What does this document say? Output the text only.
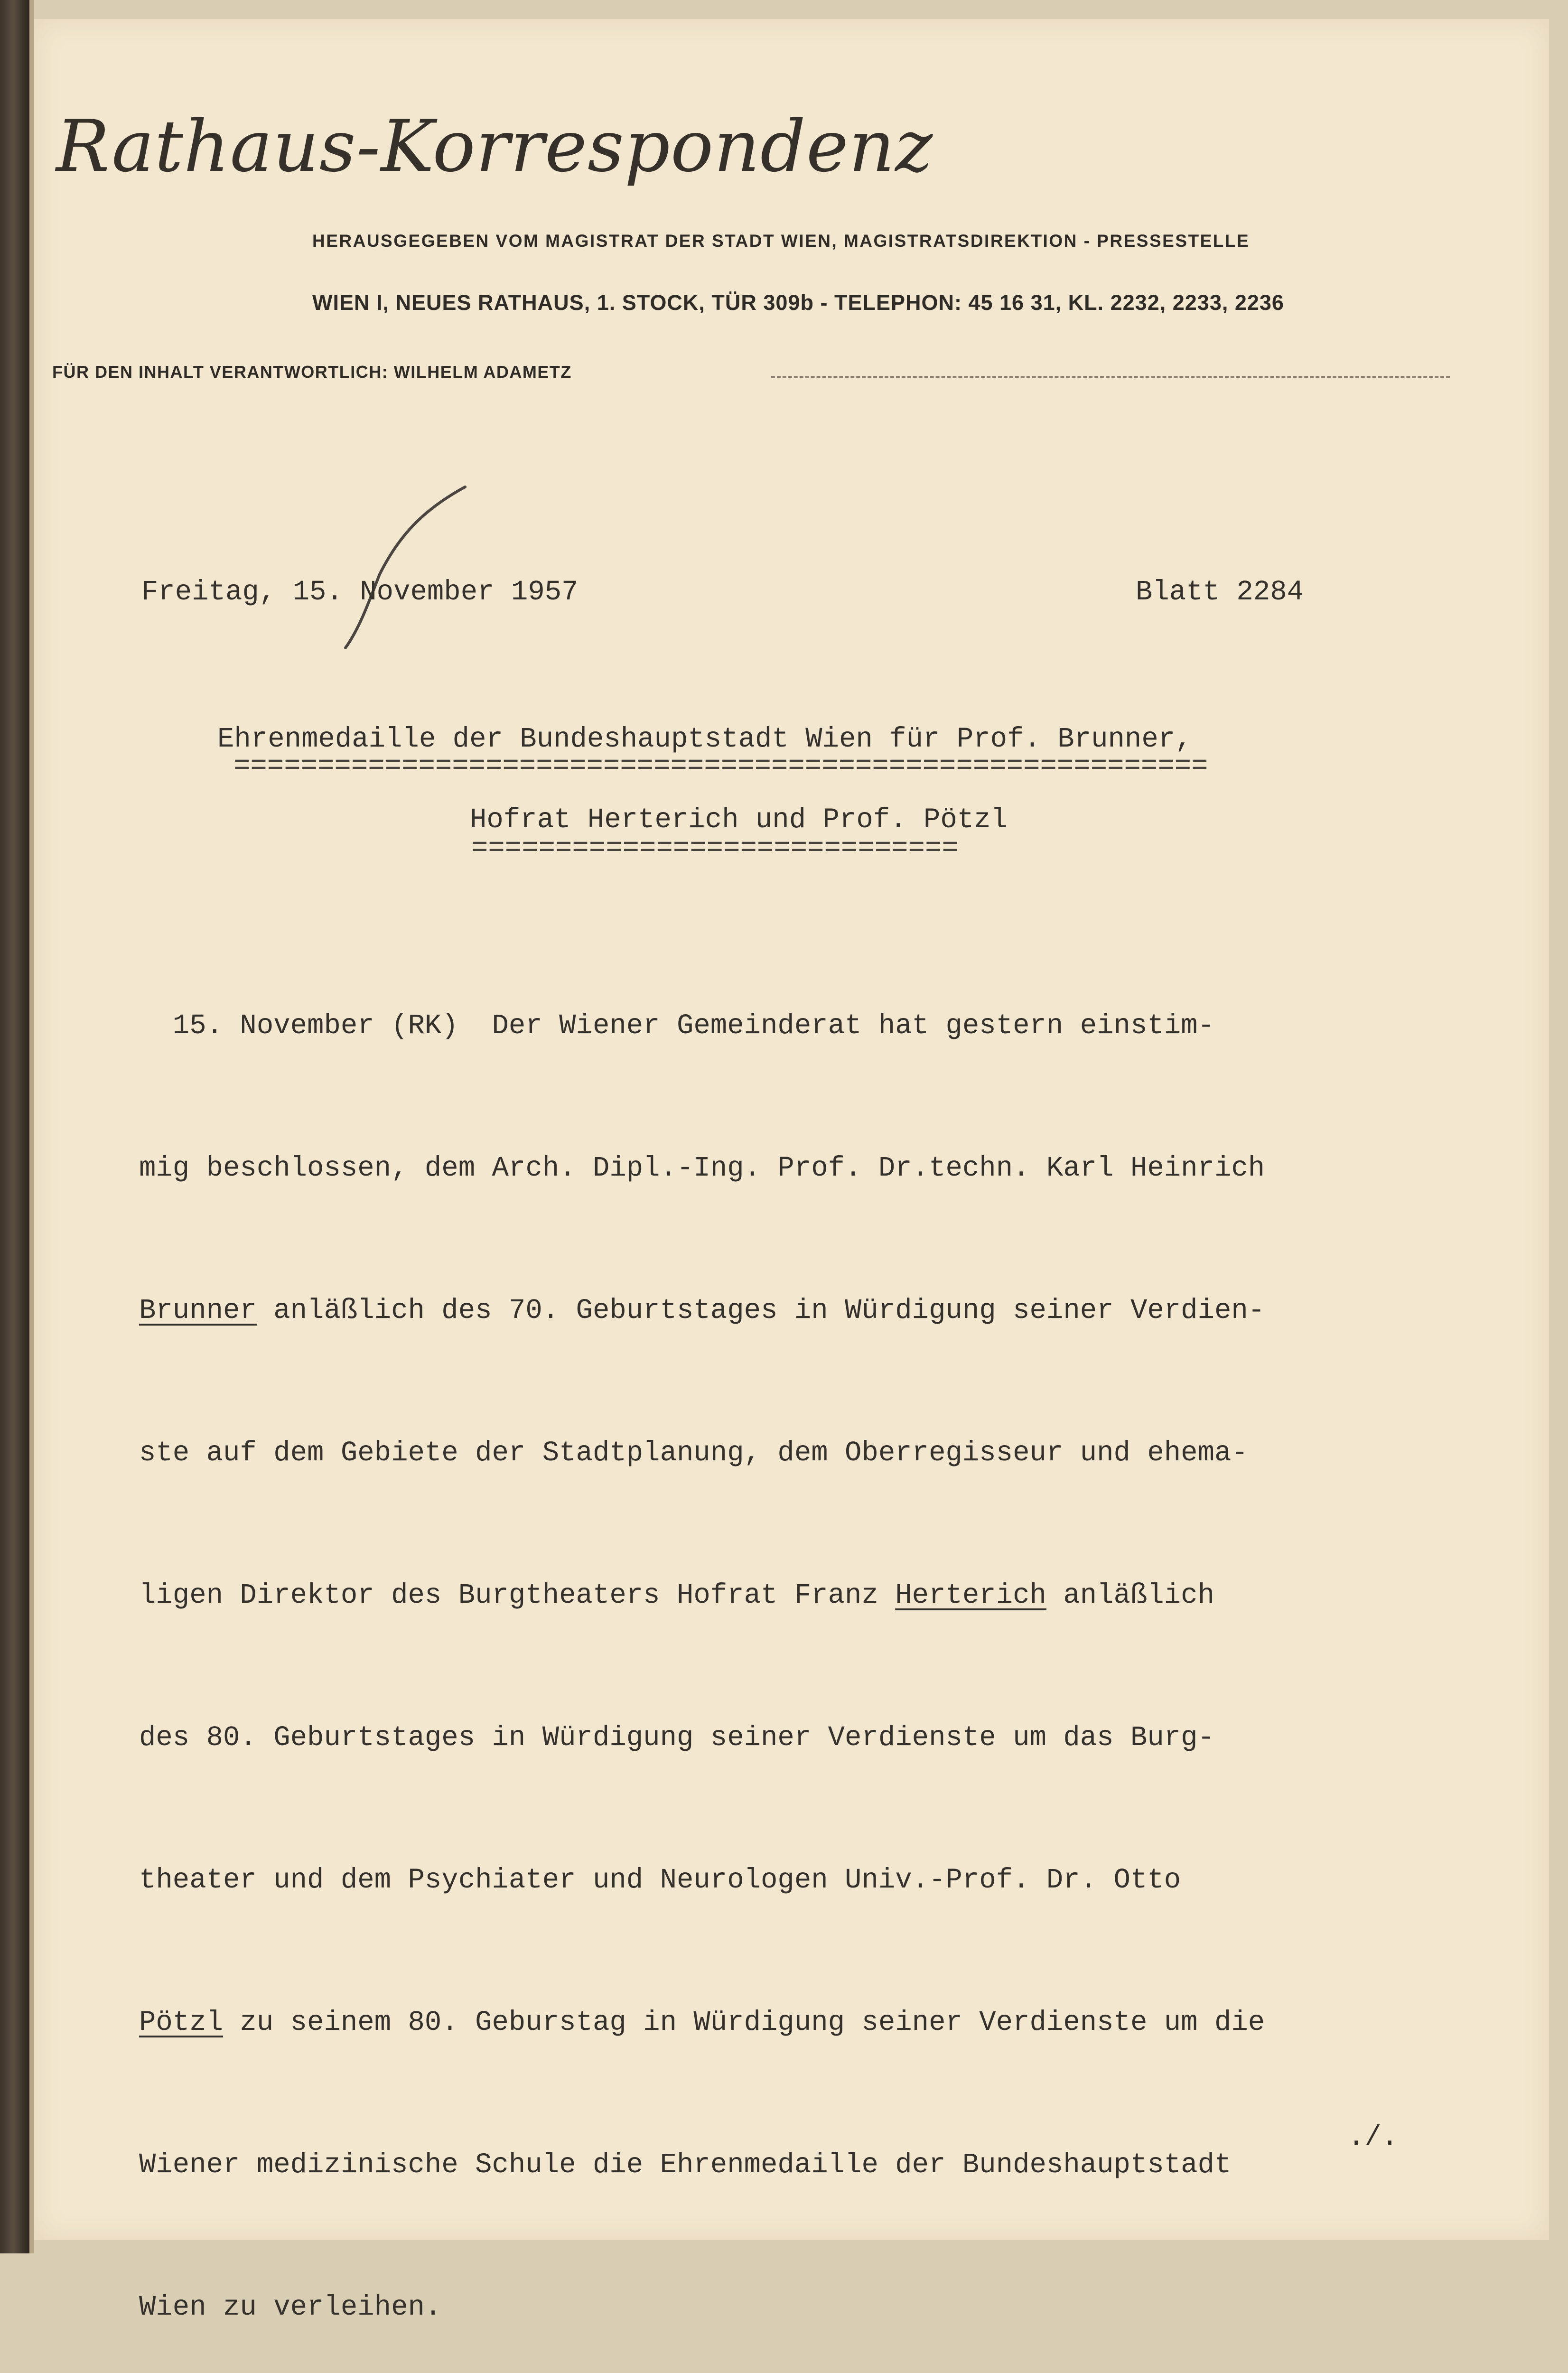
Rathaus-Korrespondenz

HERAUSGEGEBEN VOM MAGISTRAT DER STADT WIEN, MAGISTRATSDIREKTION - PRESSESTELLE

WIEN I, NEUES RATHAUS, 1. STOCK, TÜR 309b - TELEPHON: 45 16 31, KL. 2232, 2233, 2236

FÜR DEN INHALT VERANTWORTLICH: WILHELM ADAMETZ

Freitag, 15. November 1957	Blatt 2284

Ehrenmedaille der Bundeshauptstadt Wien für Prof. Brunner,

==========================================================

Hofrat Herterich und Prof. Pötzl

=============================

15. November (RK)  Der Wiener Gemeinderat hat gestern einstim-

mig beschlossen, dem Arch. Dipl.-Ing. Prof. Dr.techn. Karl Heinrich

Brunner anläßlich des 70. Geburtstages in Würdigung seiner Verdien-

ste auf dem Gebiete der Stadtplanung, dem Oberregisseur und ehema-

ligen Direktor des Burgtheaters Hofrat Franz Herterich anläßlich

des 80. Geburtstages in Würdigung seiner Verdienste um das Burg-

theater und dem Psychiater und Neurologen Univ.-Prof. Dr. Otto

Pötzl zu seinem 80. Geburstag in Würdigung seiner Verdienste um die

Wiener medizinische Schule die Ehrenmedaille der Bundeshauptstadt

Wien zu verleihen.

./.
